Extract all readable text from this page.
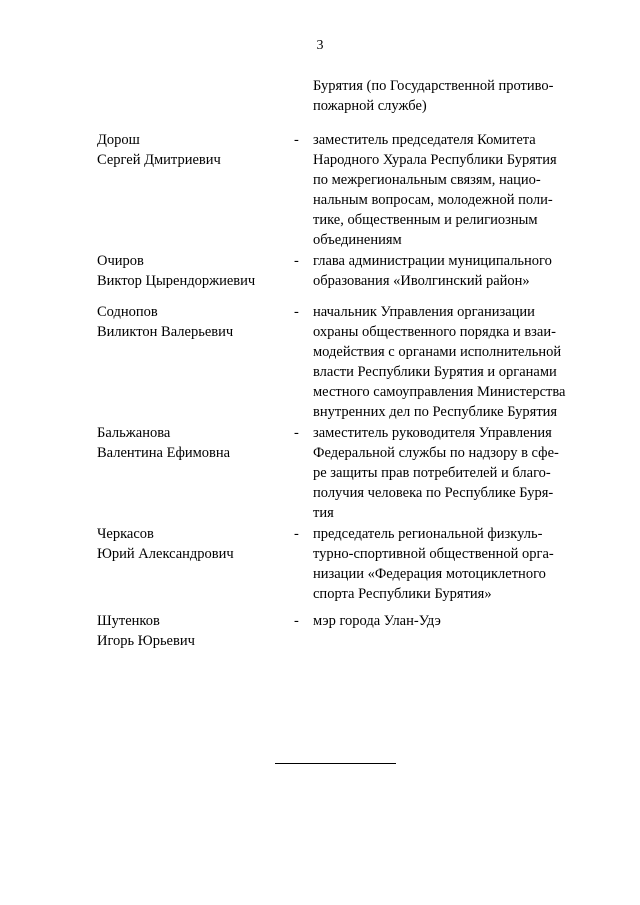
3
Бурятия (по Государственной противо-
пожарной службе)
Дорош
Сергей Дмитриевич
- заместитель председателя Комитета
Народного Хурала Республики Бурятия
по межрегиональным связям, нацио-
нальным вопросам, молодежной поли-
тике, общественным и религиозным
объединениям
Очиров
Виктор Цырендоржиевич
- глава администрации муниципального
образования «Иволгинский район»
Соднопов
Виликтон Валерьевич
- начальник Управления организации
охраны общественного порядка и взаи-
модействия с органами исполнительной
власти Республики Бурятия и органами
местного самоуправления Министерства
внутренних дел по Республике Бурятия
Бальжанова
Валентина Ефимовна
- заместитель руководителя Управления
Федеральной службы по надзору в сфе-
ре защиты прав потребителей и благо-
получия человека по Республике Буря-
тия
Черкасов
Юрий Александрович
- председатель региональной физкуль-
турно-спортивной общественной орга-
низации «Федерация мотоциклетного
спорта Республики Бурятия»
Шутенков
Игорь Юрьевич
- мэр города Улан-Удэ
